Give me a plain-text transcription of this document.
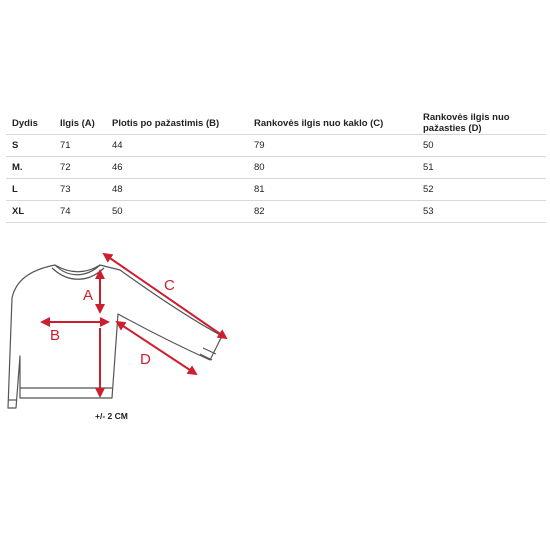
Dydis	Ilgis (A)	Plotis po pažastimis (B)	Rankovės ilgis nuo kaklo (C)	Rankovės ilgis nuo pažasties (D)
S	71	44	79	50
M.	72	46	80	51
L	73	48	81	52
XL	74	50	82	53
A
B
C
D
+/- 2 CM
